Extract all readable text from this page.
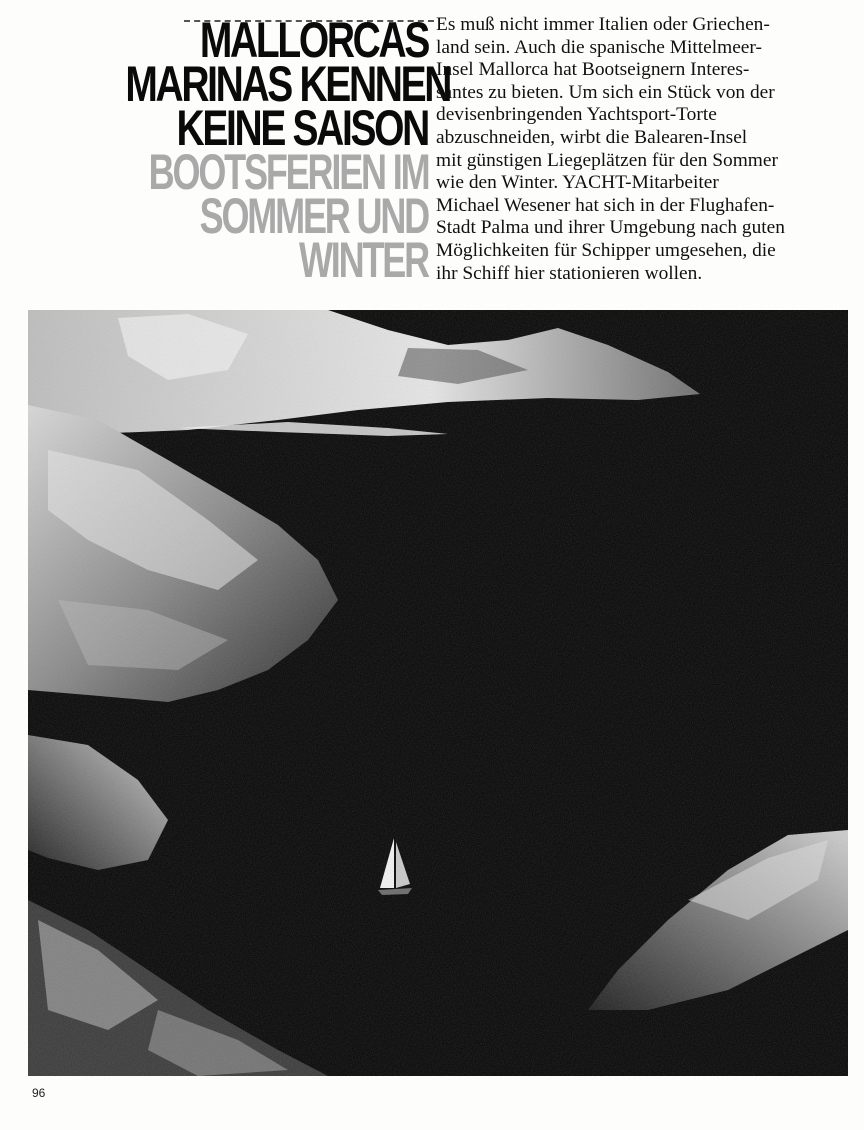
MALLORCAS
MARINAS KENNEN
KEINE SAISON
BOOTSFERIEN IM
SOMMER UND
WINTER
Es muß nicht immer Italien oder Griechen-
land sein. Auch die spanische Mittelmeer-
Insel Mallorca hat Bootseignern Interes-
santes zu bieten. Um sich ein Stück von der
devisenbringenden Yachtsport-Torte
abzuschneiden, wirbt die Balearen-Insel
mit günstigen Liegeplätzen für den Sommer
wie den Winter. YACHT-Mitarbeiter
Michael Wesener hat sich in der Flughafen-
Stadt Palma und ihrer Umgebung nach guten
Möglichkeiten für Schipper umgesehen, die
ihr Schiff hier stationieren wollen.
96
